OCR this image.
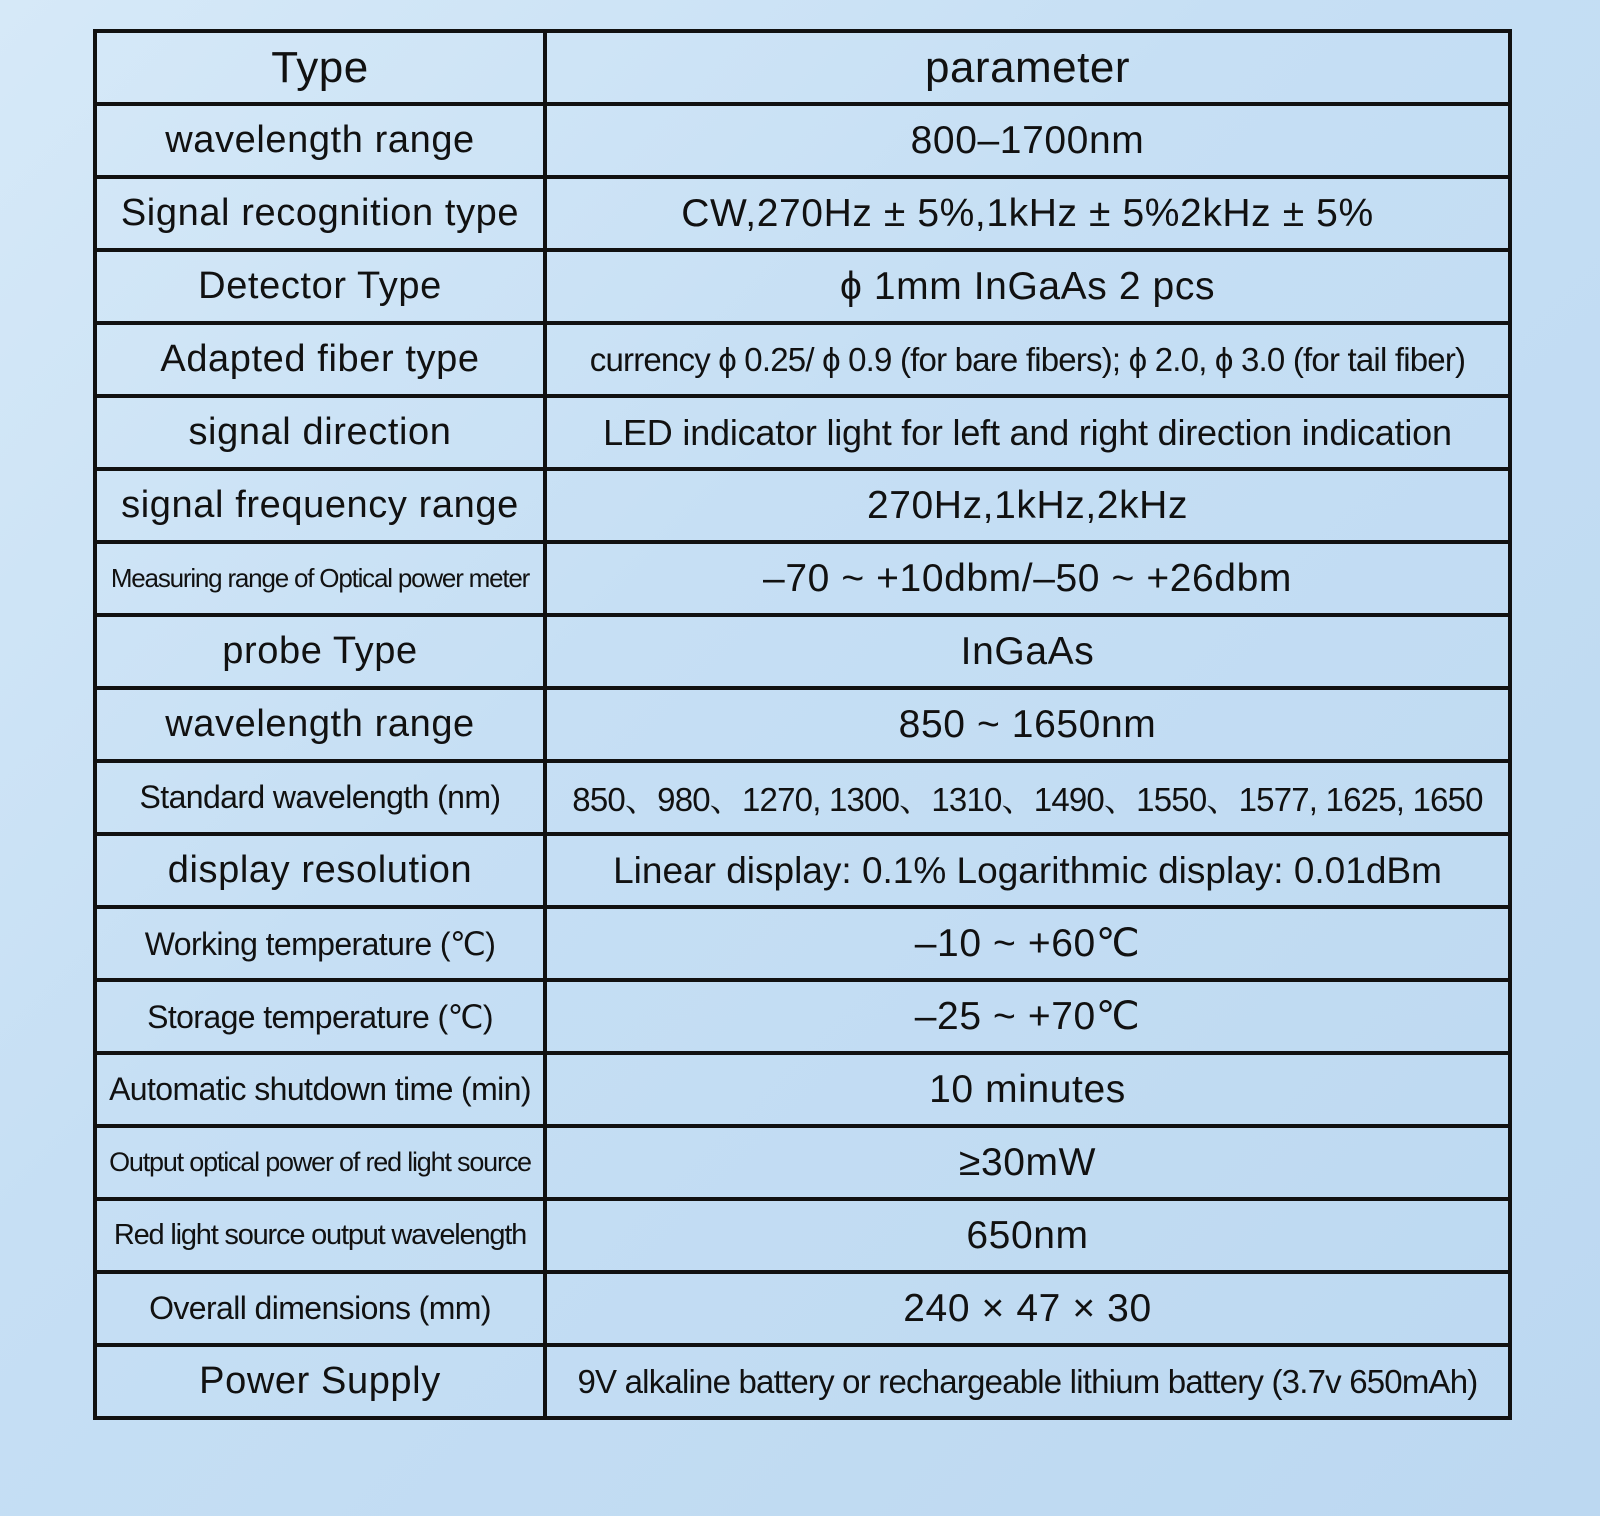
Type	parameter
wavelength range	800–1700nm
Signal recognition type	CW,270Hz ± 5%,1kHz ± 5%2kHz ± 5%
Detector Type	ϕ 1mm InGaAs 2 pcs
Adapted fiber type	currency ϕ 0.25/ ϕ 0.9 (for bare fibers); ϕ 2.0, ϕ 3.0 (for tail fiber)
signal direction	LED indicator light for left and right direction indication
signal frequency range	270Hz,1kHz,2kHz
Measuring range of Optical power meter	–70 ~ +10dbm/–50 ~ +26dbm
probe Type	InGaAs
wavelength range	850 ~ 1650nm
Standard wavelength (nm)	850、980、1270, 1300、1310、1490、1550、1577, 1625, 1650
display resolution	Linear display: 0.1% Logarithmic display: 0.01dBm
Working temperature (℃)	–10 ~ +60℃
Storage temperature (℃)	–25 ~ +70℃
Automatic shutdown time (min)	10 minutes
Output optical power of red light source	≥30mW
Red light source output wavelength	650nm
Overall dimensions (mm)	240 × 47 × 30
Power Supply	9V alkaline battery or rechargeable lithium battery (3.7v 650mAh)
